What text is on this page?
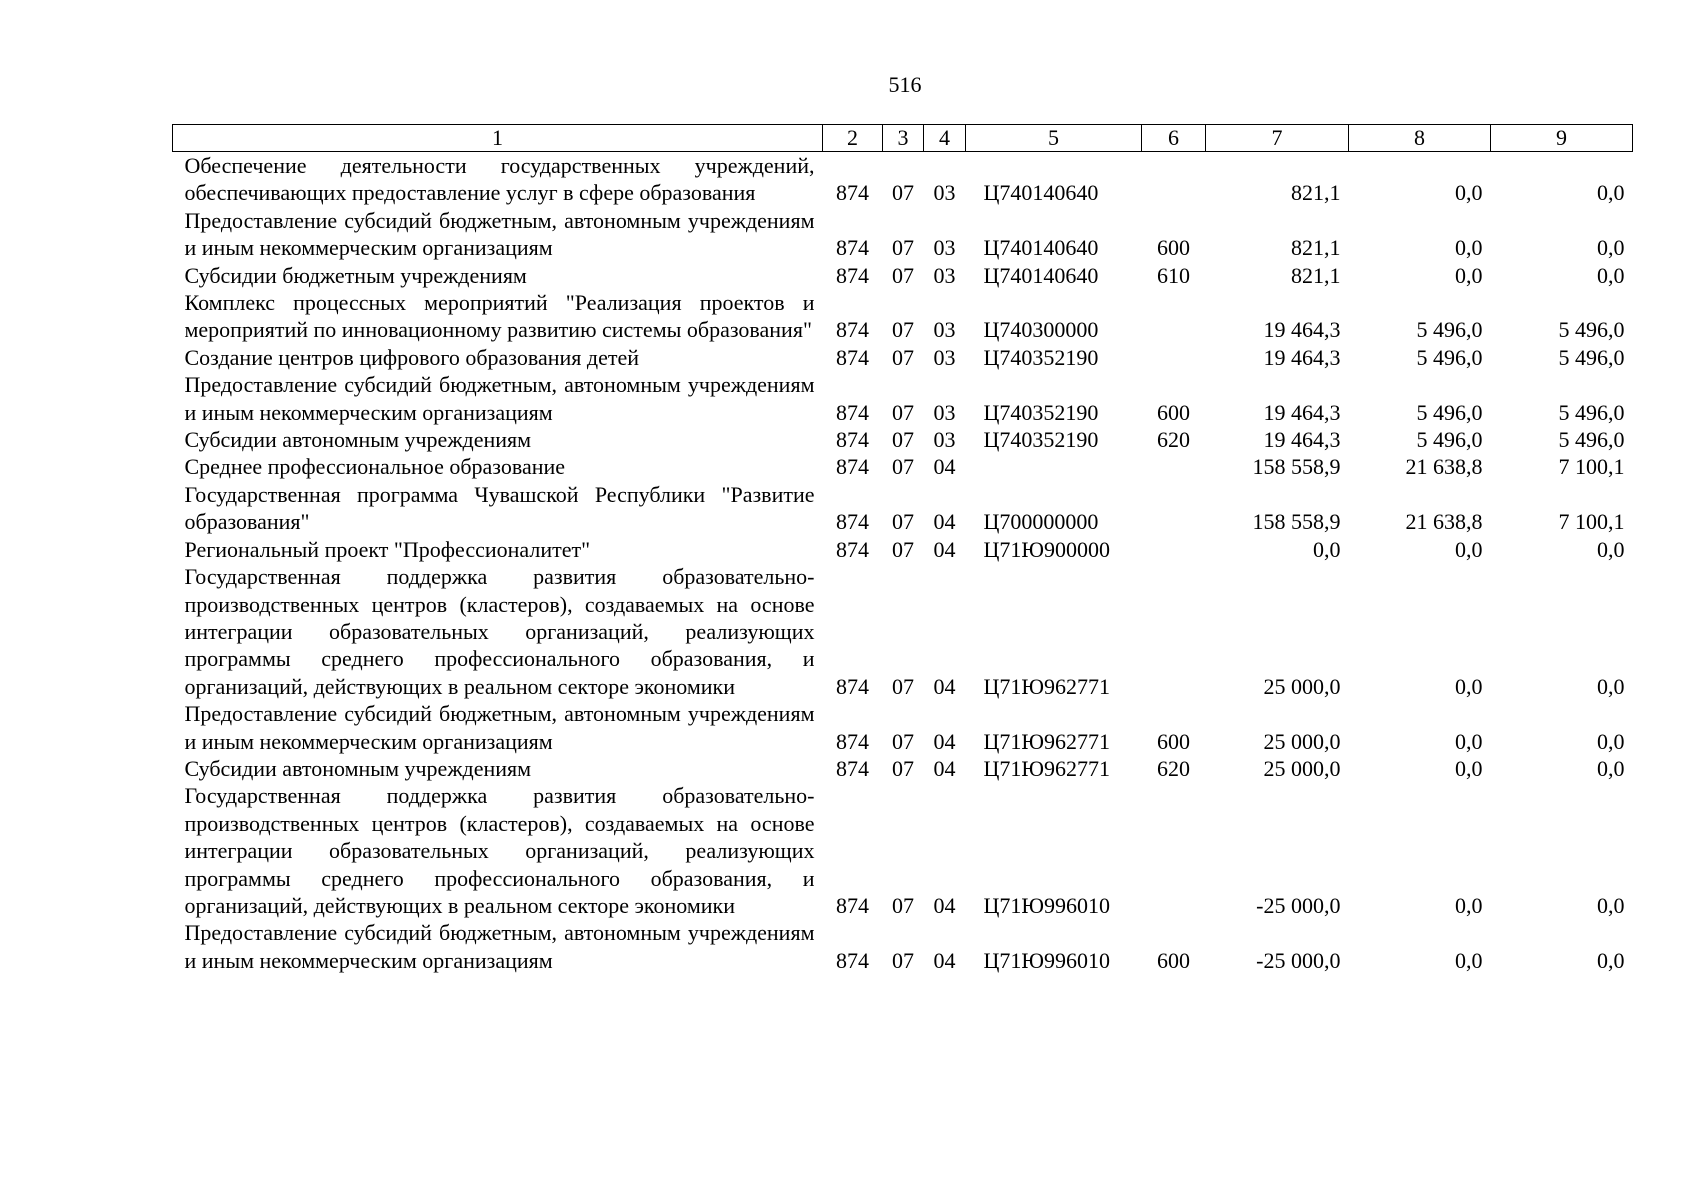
516
1	2	3	4	5	6	7	8	9
Обеспечение деятельности государственных учреждений, обеспечивающих предоставление услуг в сфере образования	874	07	03	Ц740140640		821,1	0,0	0,0
Предоставление субсидий бюджетным, автономным учреждениям и иным некоммерческим организациям	874	07	03	Ц740140640	600	821,1	0,0	0,0
Субсидии бюджетным учреждениям	874	07	03	Ц740140640	610	821,1	0,0	0,0
Комплекс процессных мероприятий "Реализация проектов и мероприятий по инновационному развитию системы образования"	874	07	03	Ц740300000		19 464,3	5 496,0	5 496,0
Создание центров цифрового образования детей	874	07	03	Ц740352190		19 464,3	5 496,0	5 496,0
Предоставление субсидий бюджетным, автономным учреждениям и иным некоммерческим организациям	874	07	03	Ц740352190	600	19 464,3	5 496,0	5 496,0
Субсидии автономным учреждениям	874	07	03	Ц740352190	620	19 464,3	5 496,0	5 496,0
Среднее профессиональное образование	874	07	04			158 558,9	21 638,8	7 100,1
Государственная программа Чувашской Республики "Развитие образования"	874	07	04	Ц700000000		158 558,9	21 638,8	7 100,1
Региональный проект "Профессионалитет"	874	07	04	Ц71Ю900000		0,0	0,0	0,0
Государственная поддержка развития образовательно-производственных центров (кластеров), создаваемых на основе интеграции образовательных организаций, реализующих программы среднего профессионального образования, и организаций, действующих в реальном секторе экономики	874	07	04	Ц71Ю962771		25 000,0	0,0	0,0
Предоставление субсидий бюджетным, автономным учреждениям и иным некоммерческим организациям	874	07	04	Ц71Ю962771	600	25 000,0	0,0	0,0
Субсидии автономным учреждениям	874	07	04	Ц71Ю962771	620	25 000,0	0,0	0,0
Государственная поддержка развития образовательно-производственных центров (кластеров), создаваемых на основе интеграции образовательных организаций, реализующих программы среднего профессионального образования, и организаций, действующих в реальном секторе экономики	874	07	04	Ц71Ю996010		-25 000,0	0,0	0,0
Предоставление субсидий бюджетным, автономным учреждениям и иным некоммерческим организациям	874	07	04	Ц71Ю996010	600	-25 000,0	0,0	0,0
